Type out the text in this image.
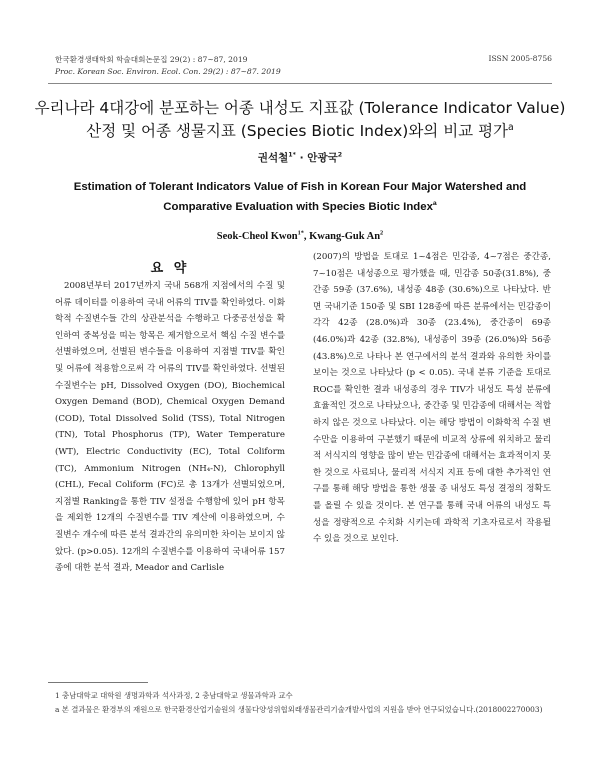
한국환경생태학회 학술대회논문집 29(2) : 87~87, 2019
Proc. Korean Soc. Environ. Ecol. Con. 29(2) : 87~87. 2019
ISSN 2005-8756
우리나라 4대강에 분포하는 어종 내성도 지표값 (Tolerance Indicator Value)
산정 및 어종 생물지표 (Species Biotic Index)와의 비교 평가$^a$
권석철$^{1*}$ · 안광국$^2$
Estimation of Tolerant Indicators Value of Fish in Korean Four Major Watershed and
Comparative Evaluation with Species Biotic Index$^a$
Seok-Cheol Kwon$^{1*}$, Kwang-Guk An$^2$
요 약

2008년부터 2017년까지 국내 568개 지점에서의 수질 및 어류 데이터를 이용하여 국내 어류의 TIV를 확인하였다. 이화학적 수질변수들 간의 상관분석을 수행하고 다중공선성을 확인하여 중복성을 띠는 항목은 제거함으로서 핵심 수질 변수를 선별하였으며, 선별된 변수들을 이용하여 지점별 TIV를 확인 및 어류에 적용함으로써 각 어류의 TIV를 확인하였다. 선별된 수질변수는 pH, Dissolved Oxygen (DO), Biochemical Oxygen Demand (BOD), Chemical Oxygen Demand (COD), Total Dissolved Solid (TSS), Total Nitrogen (TN), Total Phosphorus (TP), Water Temperature (WT), Electric Conductivity (EC), Total Coliform (TC), Ammonium Nitrogen (NH₄-N), Chlorophyll (CHL), Fecal Coliform (FC)로 총 13개가 선별되었으며, 지점별 Ranking을 통한 TIV 설정을 수행함에 있어 pH 항목을 제외한 12개의 수질변수를 TIV 계산에 이용하였으며, 수질변수 개수에 따른 분석 결과간의 유의미한 차이는 보이지 않았다. (p>0.05). 12개의 수질변수를 이용하여 국내어류 157종에 대한 분석 결과, Meador and Carlisle

(2007)의 방법을 토대로 1~4점은 민감종, 4~7점은 중간종, 7~10점은 내성종으로 평가했을 때, 민감종 50종(31.8%), 중간종 59종 (37.6%), 내성종 48종 (30.6%)으로 나타났다. 반면 국내기준 150종 및 SBI 128종에 따른 분류에서는 민감종이 각각 42종 (28.0%)과 30종 (23.4%), 중간종이 69종 (46.0%)과 42종 (32.8%), 내성종이 39종 (26.0%)와 56종 (43.8%)으로 나타나 본 연구에서의 분석 결과와 유의한 차이를 보이는 것으로 나타났다 (p < 0.05). 국내 분류 기준을 토대로 ROC를 확인한 결과 내성종의 경우 TIV가 내성도 특성 분류에 효율적인 것으로 나타났으나, 중간종 및 민감종에 대해서는 적합하지 않은 것으로 나타났다. 이는 해당 방법이 이화학적 수질 변수만을 이용하여 구분했기 때문에 비교적 상류에 위치하고 물리적 서식지의 영향을 많이 받는 민감종에 대해서는 효과적이지 못한 것으로 사료되나, 물리적 서식지 지표 등에 대한 추가적인 연구를 통해 해당 방법을 통한 생물 종 내성도 특성 결정의 정확도를 올릴 수 있을 것이다. 본 연구를 통해 국내 어류의 내성도 특성을 정량적으로 수치화 시키는데 과학적 기초자료로서 작용될 수 있을 것으로 보인다.

1 충남대학교 대학원 생명과학과 석사과정, 2 충남대학교 생물과학과 교수
a 본 결과물은 환경부의 재원으로 한국환경산업기술원의 생물다양성위협외래생물관리기술개발사업의 지원을 받아 연구되었습니다.(2018002270003)
